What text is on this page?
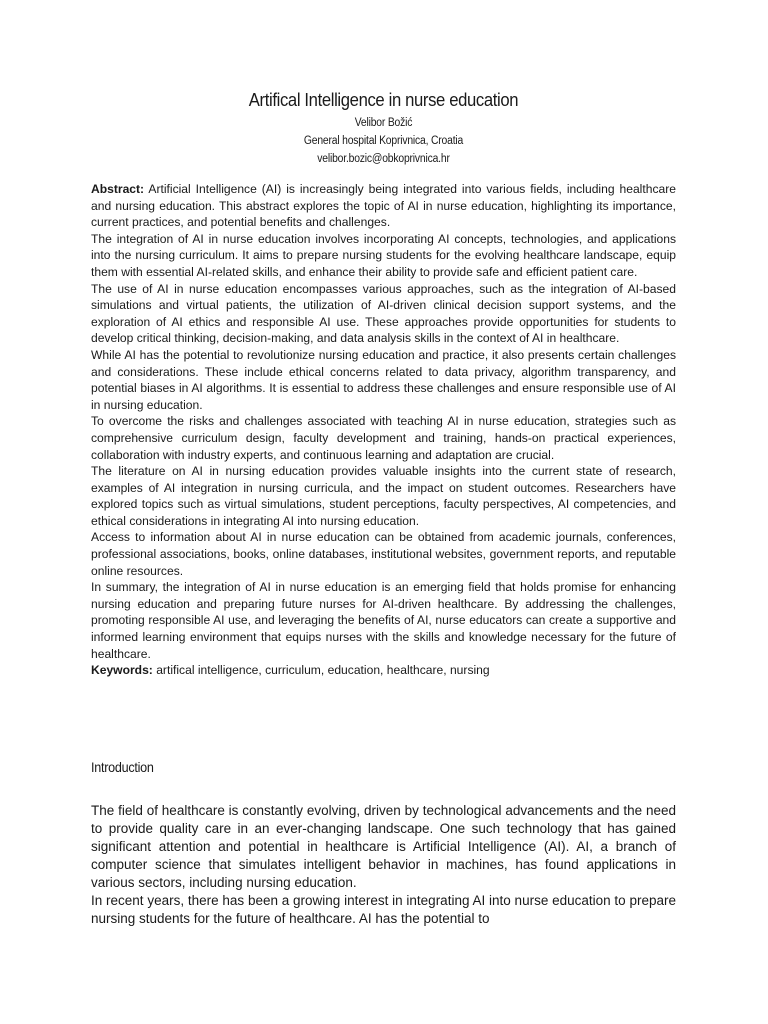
Artifical Intelligence in nurse education
Velibor Božić
General hospital Koprivnica, Croatia
velibor.bozic@obkoprivnica.hr

Abstract: Artificial Intelligence (AI) is increasingly being integrated into various fields, including healthcare and nursing education. This abstract explores the topic of AI in nurse education, highlighting its importance, current practices, and potential benefits and challenges.

The integration of AI in nurse education involves incorporating AI concepts, technologies, and applications into the nursing curriculum. It aims to prepare nursing students for the evolving healthcare landscape, equip them with essential AI-related skills, and enhance their ability to provide safe and efficient patient care.

The use of AI in nurse education encompasses various approaches, such as the integration of AI-based simulations and virtual patients, the utilization of AI-driven clinical decision support systems, and the exploration of AI ethics and responsible AI use. These approaches provide opportunities for students to develop critical thinking, decision-making, and data analysis skills in the context of AI in healthcare.

While AI has the potential to revolutionize nursing education and practice, it also presents certain challenges and considerations. These include ethical concerns related to data privacy, algorithm transparency, and potential biases in AI algorithms. It is essential to address these challenges and ensure responsible use of AI in nursing education.

To overcome the risks and challenges associated with teaching AI in nurse education, strategies such as comprehensive curriculum design, faculty development and training, hands-on practical experiences, collaboration with industry experts, and continuous learning and adaptation are crucial.

The literature on AI in nursing education provides valuable insights into the current state of research, examples of AI integration in nursing curricula, and the impact on student outcomes. Researchers have explored topics such as virtual simulations, student perceptions, faculty perspectives, AI competencies, and ethical considerations in integrating AI into nursing education.

Access to information about AI in nurse education can be obtained from academic journals, conferences, professional associations, books, online databases, institutional websites, government reports, and reputable online resources.

In summary, the integration of AI in nurse education is an emerging field that holds promise for enhancing nursing education and preparing future nurses for AI-driven healthcare. By addressing the challenges, promoting responsible AI use, and leveraging the benefits of AI, nurse educators can create a supportive and informed learning environment that equips nurses with the skills and knowledge necessary for the future of healthcare.

Keywords: artifical intelligence, curriculum, education, healthcare, nursing

Introduction

The field of healthcare is constantly evolving, driven by technological advancements and the need to provide quality care in an ever-changing landscape. One such technology that has gained significant attention and potential in healthcare is Artificial Intelligence (AI). AI, a branch of computer science that simulates intelligent behavior in machines, has found applications in various sectors, including nursing education.

In recent years, there has been a growing interest in integrating AI into nurse education to prepare nursing students for the future of healthcare. AI has the potential to
